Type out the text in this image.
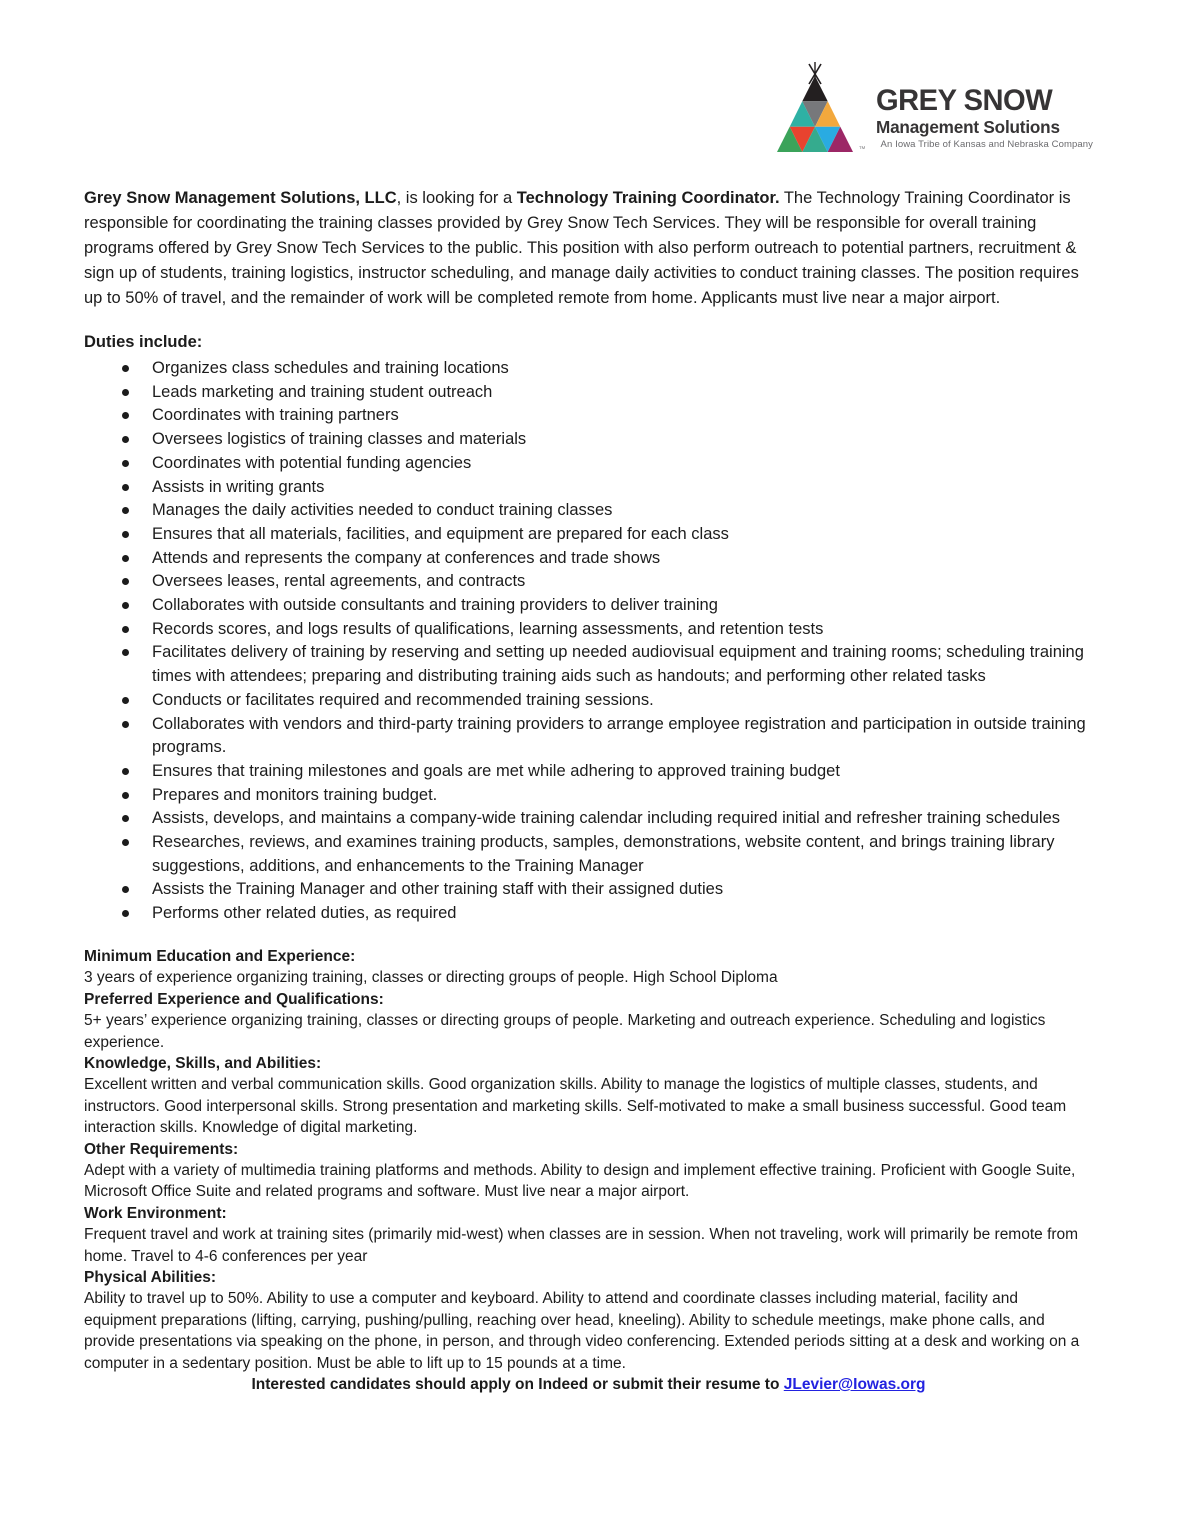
™
GREY SNOW
Management Solutions
An Iowa Tribe of Kansas and Nebraska Company

Grey Snow Management Solutions, LLC, is looking for a Technology Training Coordinator. The Technology Training Coordinator is responsible for coordinating the training classes provided by Grey Snow Tech Services. They will be responsible for overall training programs offered by Grey Snow Tech Services to the public. This position with also perform outreach to potential partners, recruitment & sign up of students, training logistics, instructor scheduling, and manage daily activities to conduct training classes. The position requires up to 50% of travel, and the remainder of work will be completed remote from home. Applicants must live near a major airport.

Duties include:
Organizes class schedules and training locations
Leads marketing and training student outreach
Coordinates with training partners
Oversees logistics of training classes and materials
Coordinates with potential funding agencies
Assists in writing grants
Manages the daily activities needed to conduct training classes
Ensures that all materials, facilities, and equipment are prepared for each class
Attends and represents the company at conferences and trade shows
Oversees leases, rental agreements, and contracts
Collaborates with outside consultants and training providers to deliver training
Records scores, and logs results of qualifications, learning assessments, and retention tests
Facilitates delivery of training by reserving and setting up needed audiovisual equipment and training rooms; scheduling training times with attendees; preparing and distributing training aids such as handouts; and performing other related tasks
Conducts or facilitates required and recommended training sessions.
Collaborates with vendors and third-party training providers to arrange employee registration and participation in outside training programs.
Ensures that training milestones and goals are met while adhering to approved training budget
Prepares and monitors training budget.
Assists, develops, and maintains a company-wide training calendar including required initial and refresher training schedules
Researches, reviews, and examines training products, samples, demonstrations, website content, and brings training library suggestions, additions, and enhancements to the Training Manager
Assists the Training Manager and other training staff with their assigned duties
Performs other related duties, as required
Minimum Education and Experience:
3 years of experience organizing training, classes or directing groups of people. High School Diploma
Preferred Experience and Qualifications:
5+ years’ experience organizing training, classes or directing groups of people. Marketing and outreach experience. Scheduling and logistics experience.
Knowledge, Skills, and Abilities:
Excellent written and verbal communication skills. Good organization skills. Ability to manage the logistics of multiple classes, students, and instructors. Good interpersonal skills. Strong presentation and marketing skills. Self-motivated to make a small business successful. Good team interaction skills. Knowledge of digital marketing.
Other Requirements:
Adept with a variety of multimedia training platforms and methods. Ability to design and implement effective training. Proficient with Google Suite, Microsoft Office Suite and related programs and software. Must live near a major airport.
Work Environment:
Frequent travel and work at training sites (primarily mid-west) when classes are in session. When not traveling, work will primarily be remote from home. Travel to 4-6 conferences per year
Physical Abilities:
Ability to travel up to 50%. Ability to use a computer and keyboard. Ability to attend and coordinate classes including material, facility and equipment preparations (lifting, carrying, pushing/pulling, reaching over head, kneeling). Ability to schedule meetings, make phone calls, and provide presentations via speaking on the phone, in person, and through video conferencing. Extended periods sitting at a desk and working on a computer in a sedentary position. Must be able to lift up to 15 pounds at a time.

Interested candidates should apply on Indeed or submit their resume to JLevier@Iowas.org
